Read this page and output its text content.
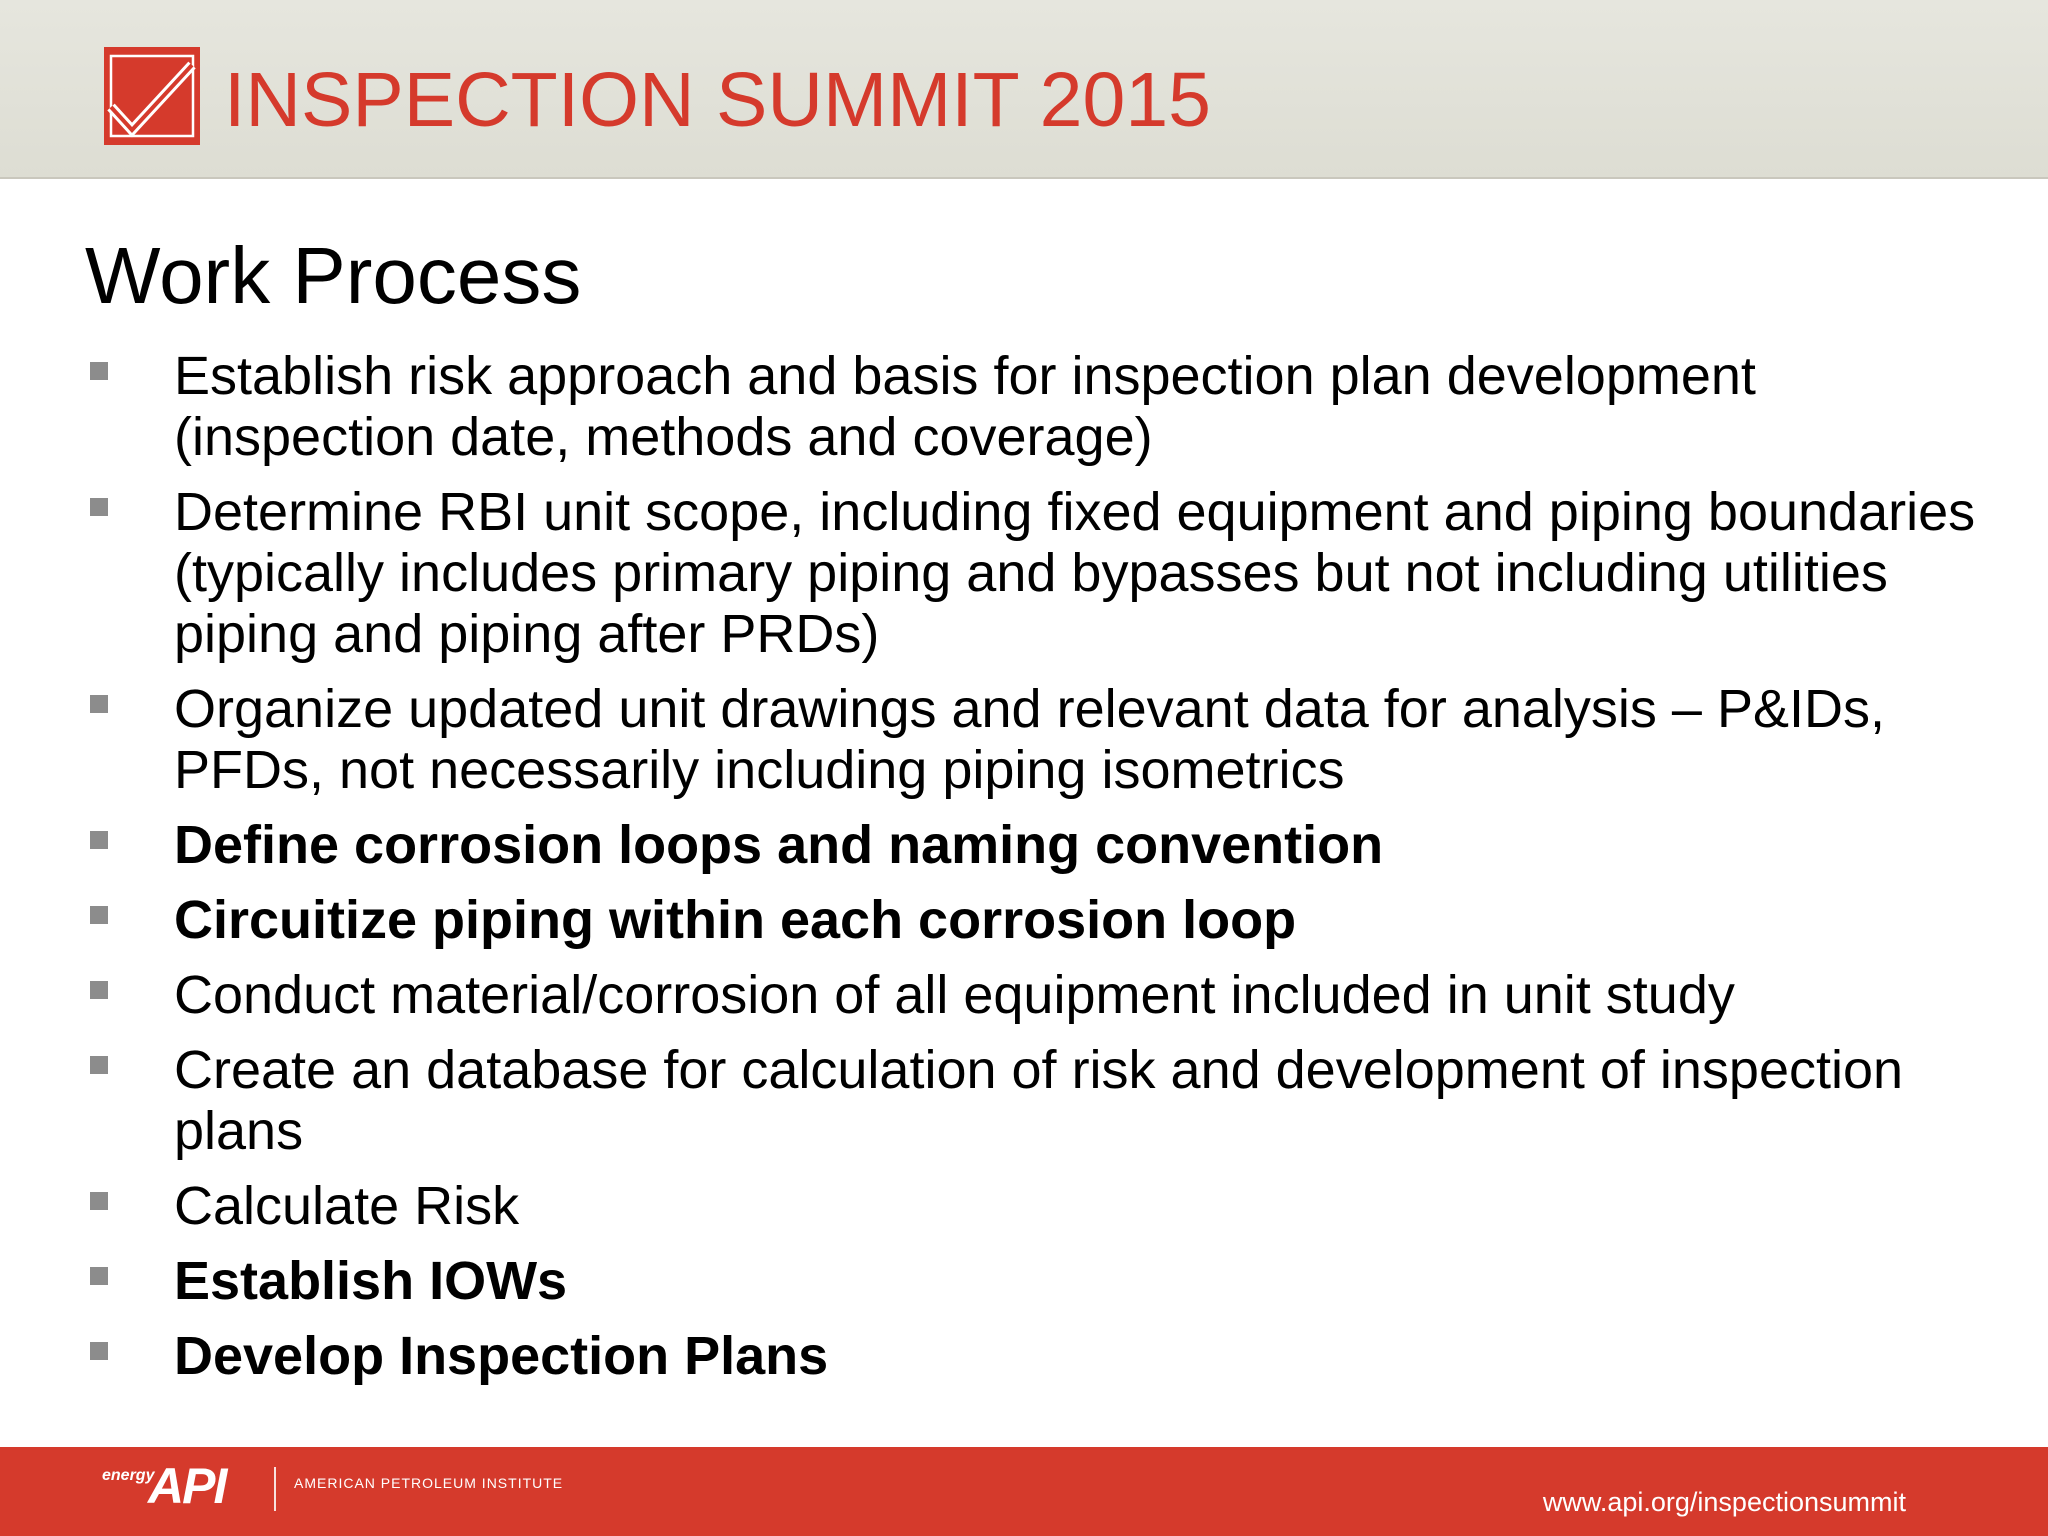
INSPECTION SUMMIT 2015
Work Process
Establish risk approach and basis for inspection plan development (inspection date, methods and coverage)
Determine RBI unit scope, including fixed equipment and piping boundaries (typically includes primary piping and bypasses but not including utilities piping and piping after PRDs)
Organize updated unit drawings and relevant data for analysis – P&IDs, PFDs, not necessarily including piping isometrics
Define corrosion loops and naming convention
Circuitize piping within each corrosion loop
Conduct material/corrosion of all equipment included in unit study
Create an database for calculation of risk and development of inspection plans
Calculate Risk
Establish IOWs
Develop Inspection Plans
energy
API	AMERICAN PETROLEUM INSTITUTE
www.api.org/inspectionsummit
